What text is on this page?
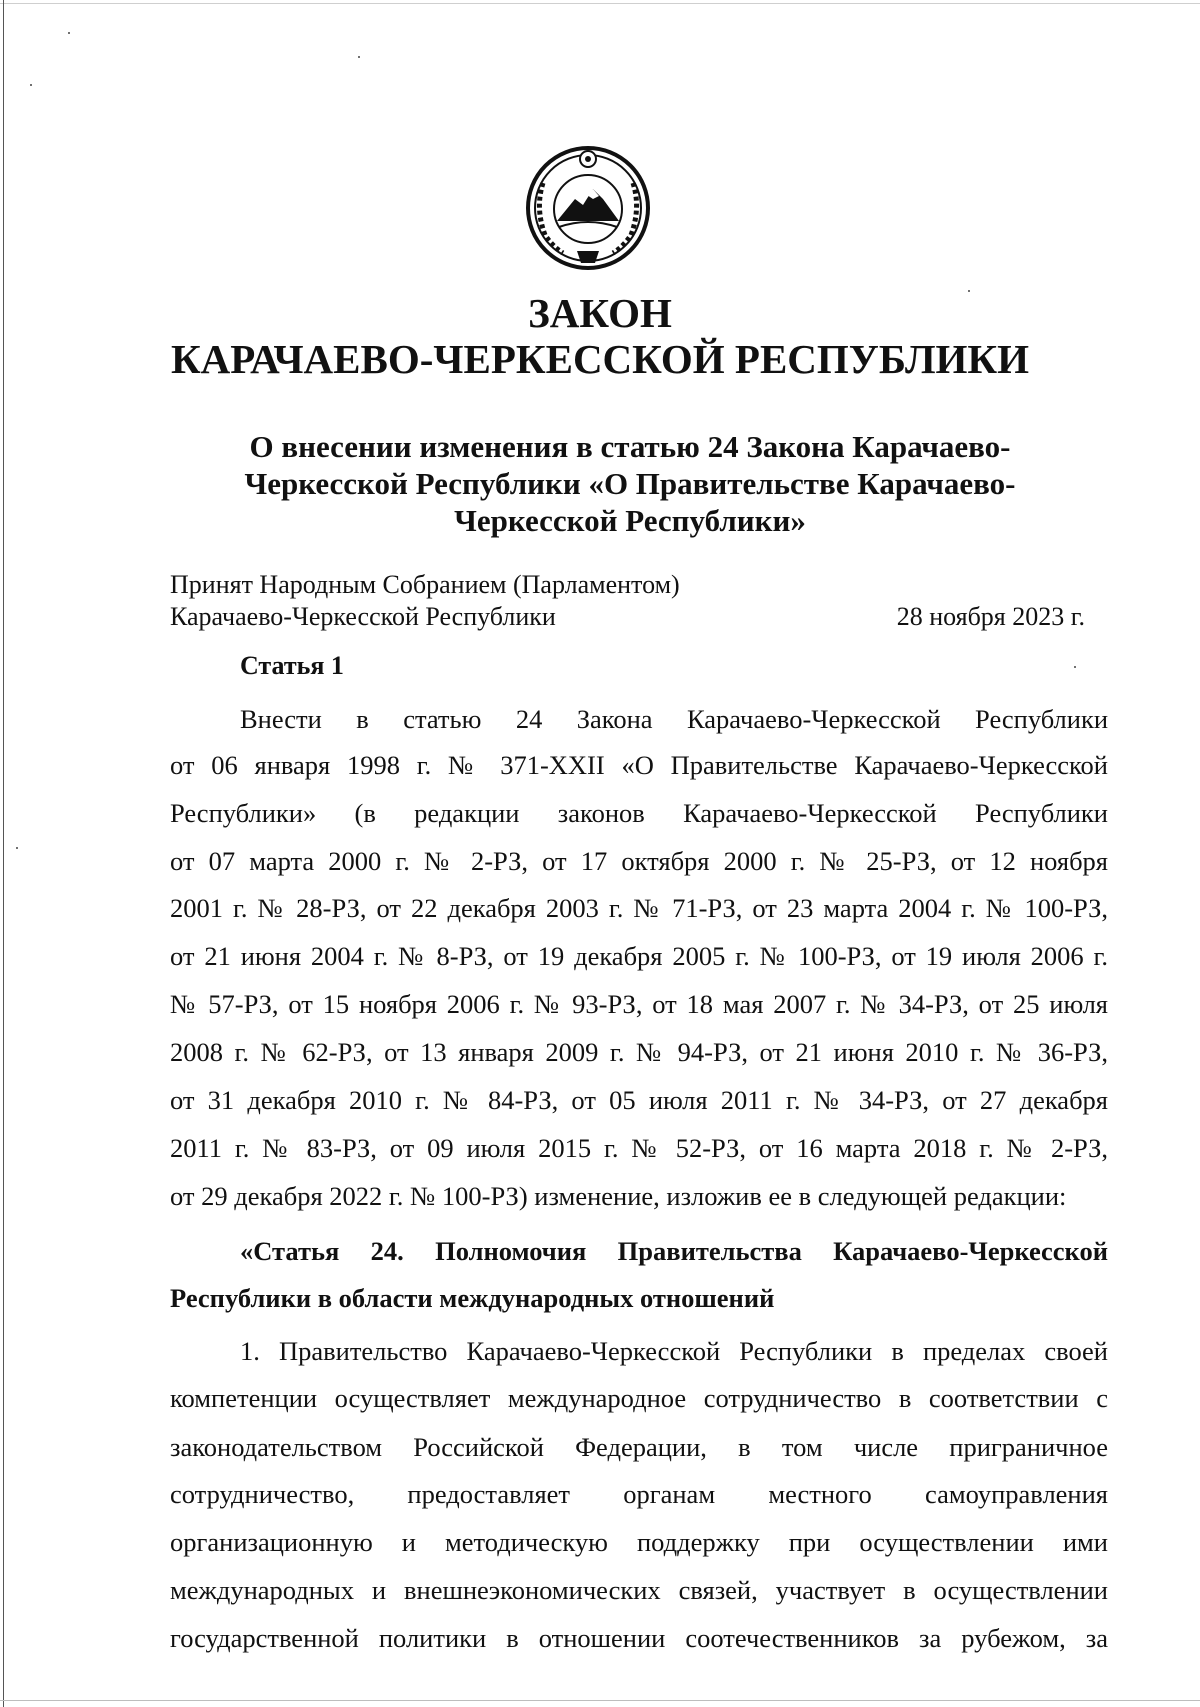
ЗАКОН
КАРАЧАЕВО-ЧЕРКЕССКОЙ РЕСПУБЛИКИ
О внесении изменения в статью 24 Закона Карачаево-
Черкесской Республики «О Правительстве Карачаево-
Черкесской Республики»
Принят Народным Собранием (Парламентом)
Карачаево-Черкесской Республики	28 ноября 2023 г.
Статья 1
Внести в статью 24 Закона Карачаево-Черкесской Республики
от 06 января 1998 г. № 371-XXII «О Правительстве Карачаево-Черкесской
Республики» (в редакции законов Карачаево-Черкесской Республики
от 07 марта 2000 г. № 2-РЗ, от 17 октября 2000 г. № 25-РЗ, от 12 ноября
2001 г. № 28-РЗ, от 22 декабря 2003 г. № 71-РЗ, от 23 марта 2004 г. № 100-РЗ,
от 21 июня 2004 г. № 8-РЗ, от 19 декабря 2005 г. № 100-РЗ, от 19 июля 2006 г.
№ 57-РЗ, от 15 ноября 2006 г. № 93-РЗ, от 18 мая 2007 г. № 34-РЗ, от 25 июля
2008 г. № 62-РЗ, от 13 января 2009 г. № 94-РЗ, от 21 июня 2010 г. № 36-РЗ,
от 31 декабря 2010 г. № 84-РЗ, от 05 июля 2011 г. № 34-РЗ, от 27 декабря
2011 г. № 83-РЗ, от 09 июля 2015 г. № 52-РЗ, от 16 марта 2018 г. № 2-РЗ,
от 29 декабря 2022 г. № 100-РЗ) изменение, изложив ее в следующей редакции:
«Статья 24. Полномочия Правительства Карачаево-Черкесской
Республики в области международных отношений
1. Правительство Карачаево-Черкесской Республики в пределах своей
компетенции осуществляет международное сотрудничество в соответствии с
законодательством Российской Федерации, в том числе приграничное
сотрудничество, предоставляет органам местного самоуправления
организационную и методическую поддержку при осуществлении ими
международных и внешнеэкономических связей, участвует в осуществлении
государственной политики в отношении соотечественников за рубежом, за
